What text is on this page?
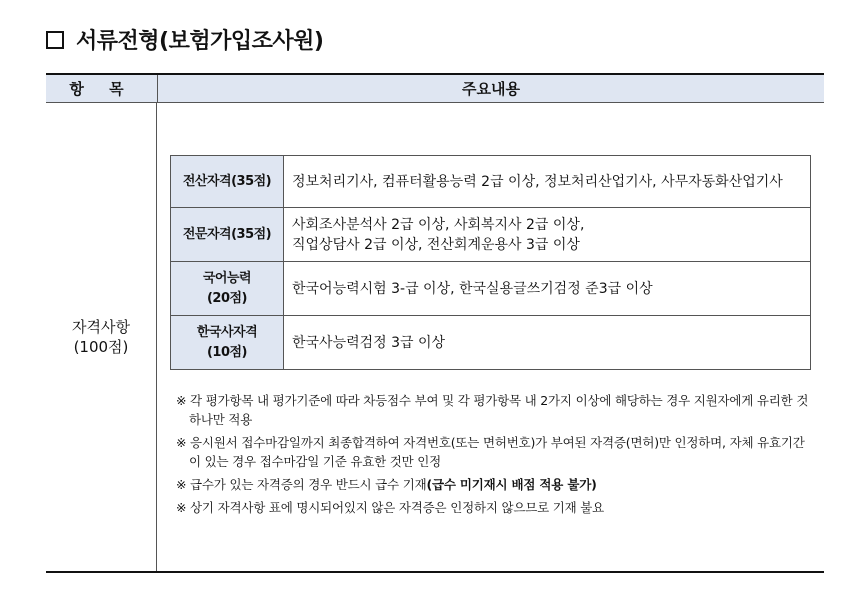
서류전형(보험가입조사원)
항 목	주요내용
자격사항
(100점)
전산자격(35점)	정보처리기사, 컴퓨터활용능력 2급 이상, 정보처리산업기사, 사무자동화산업기사
전문자격(35점)	사회조사분석사 2급 이상, 사회복지사 2급 이상,
직업상담사 2급 이상, 전산회계운용사 3급 이상

국어능력
(20점)	한국어능력시험 3-급 이상, 한국실용글쓰기검정 준3급 이상

한국사자격
(10점)	한국사능력검정 3급 이상
※ 각 평가항목 내 평가기준에 따라 차등점수 부여 및 각 평가항목 내 2가지 이상에 해당하는 경우 지원자에게 유리한 것 하나만 적용
※ 응시원서 접수마감일까지 최종합격하여 자격번호(또는 면허번호)가 부여된 자격증(면허)만 인정하며, 자체 유효기간이 있는 경우 접수마감일 기준 유효한 것만 인정
※ 급수가 있는 자격증의 경우 반드시 급수 기재(급수 미기재시 배점 적용 불가)
※ 상기 자격사항 표에 명시되어있지 않은 자격증은 인정하지 않으므로 기재 불요
